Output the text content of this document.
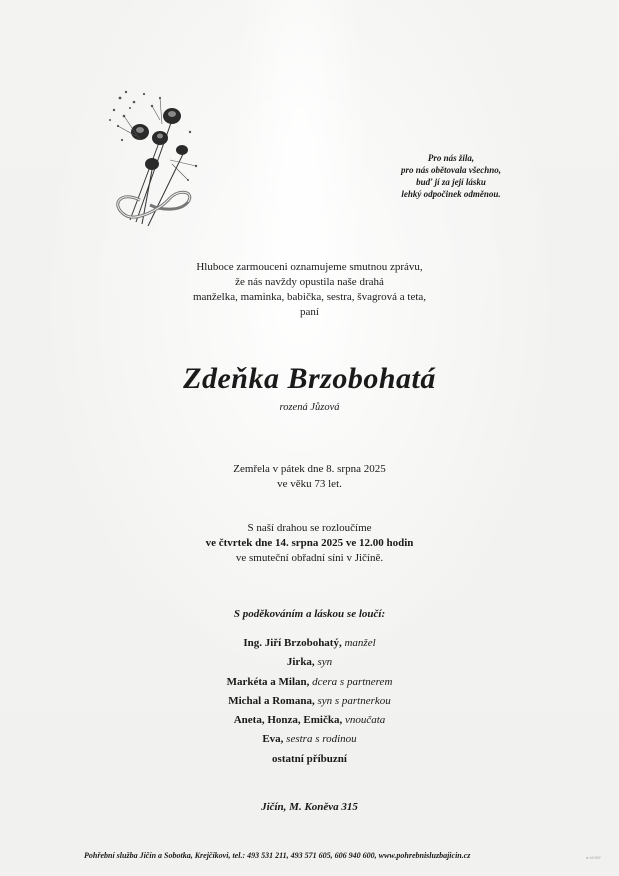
Pro nás žila,
pro nás obětovala všechno,
buď jí za její lásku
lehký odpočinek odměnou.
Hluboce zarmouceni oznamujeme smutnou zprávu,
že nás navždy opustila naše drahá
manželka, maminka, babička, sestra, švagrová a teta,
paní
Zdeňka Brzobohatá
rozená Jůzová
Zemřela v pátek dne 8. srpna 2025
ve věku 73 let.
S naší drahou se rozloučíme
ve čtvrtek dne 14. srpna 2025 ve 12.00 hodin
ve smuteční obřadní síni v Jičíně.
S poděkováním a láskou se loučí:
Ing. Jiří Brzobohatý, manžel
Jirka, syn
Markéta a Milan, dcera s partnerem
Michal a Romana, syn s partnerkou
Aneta, Honza, Emička, vnoučata
Eva, sestra s rodinou
ostatní příbuzní
Jičín, M. Koněva 315
Pohřební služba Jičín a Sobotka, Krejčíkovi, tel.: 493 531 211, 493 571 605, 606 940 600, www.pohrebnisluzbajicin.cz	● MOBF
